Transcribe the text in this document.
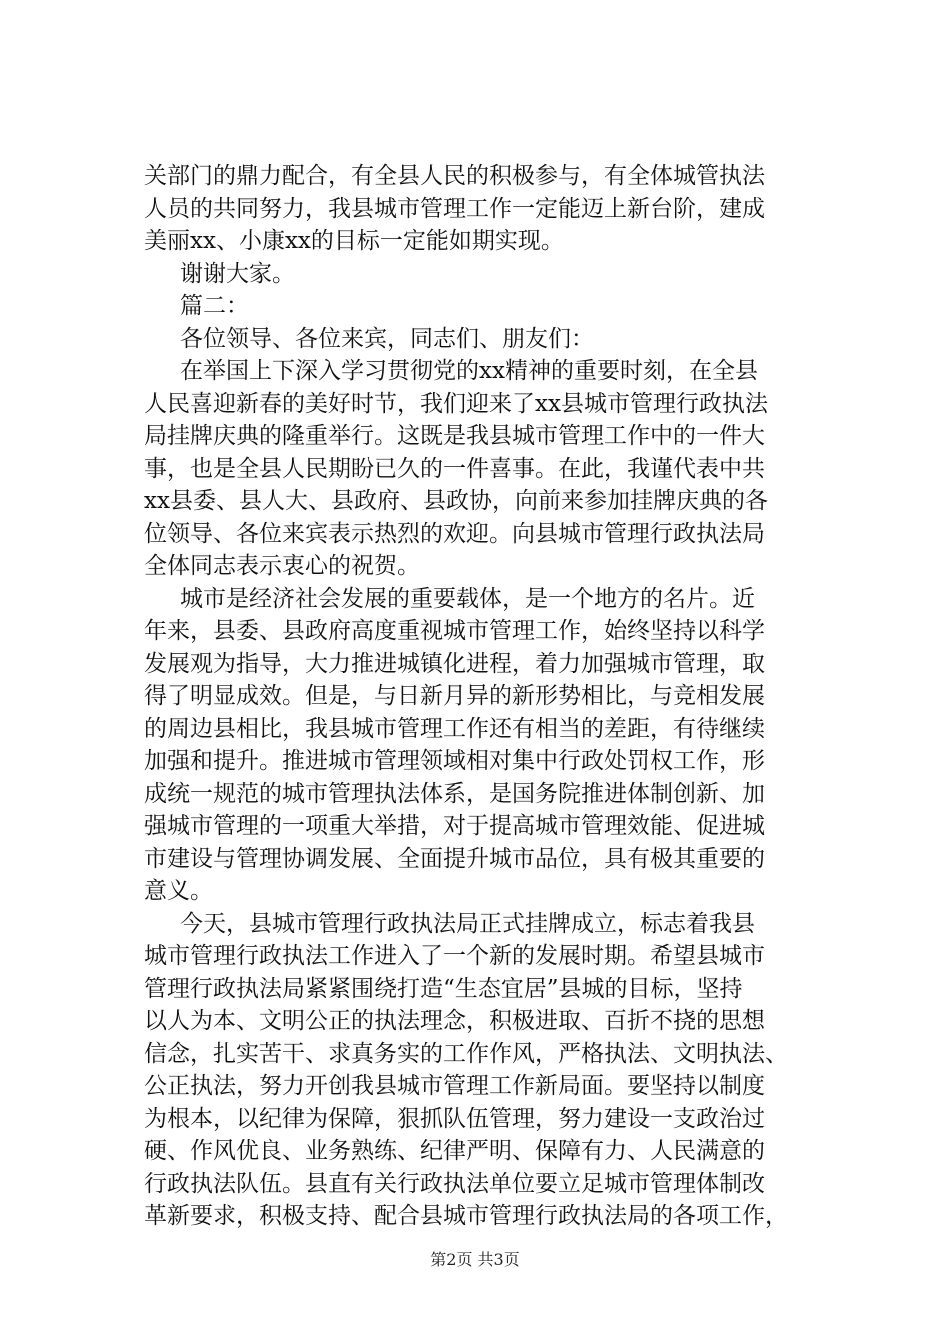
关部门的鼎力配合，有全县人民的积极参与，有全体城管执法
人员的共同努力，我县城市管理工作一定能迈上新台阶，建成
美丽xx、小康xx的目标一定能如期实现。
谢谢大家。
篇二：
各位领导、各位来宾，同志们、朋友们：
在举国上下深入学习贯彻党的xx精神的重要时刻，在全县
人民喜迎新春的美好时节，我们迎来了xx县城市管理行政执法
局挂牌庆典的隆重举行。这既是我县城市管理工作中的一件大
事，也是全县人民期盼已久的一件喜事。在此，我谨代表中共
xx县委、县人大、县政府、县政协，向前来参加挂牌庆典的各
位领导、各位来宾表示热烈的欢迎。向县城市管理行政执法局
全体同志表示衷心的祝贺。
城市是经济社会发展的重要载体，是一个地方的名片。近
年来，县委、县政府高度重视城市管理工作，始终坚持以科学
发展观为指导，大力推进城镇化进程，着力加强城市管理，取
得了明显成效。但是，与日新月异的新形势相比，与竞相发展
的周边县相比，我县城市管理工作还有相当的差距，有待继续
加强和提升。推进城市管理领域相对集中行政处罚权工作，形
成统一规范的城市管理执法体系，是国务院推进体制创新、加
强城市管理的一项重大举措，对于提高城市管理效能、促进城
市建设与管理协调发展、全面提升城市品位，具有极其重要的
意义。
今天，县城市管理行政执法局正式挂牌成立，标志着我县
城市管理行政执法工作进入了一个新的发展时期。希望县城市
管理行政执法局紧紧围绕打造“生态宜居”县城的目标，坚持
以人为本、文明公正的执法理念，积极进取、百折不挠的思想
信念，扎实苦干、求真务实的工作作风，严格执法、文明执法、
公正执法，努力开创我县城市管理工作新局面。要坚持以制度
为根本，以纪律为保障，狠抓队伍管理，努力建设一支政治过
硬、作风优良、业务熟练、纪律严明、保障有力、人民满意的
行政执法队伍。县直有关行政执法单位要立足城市管理体制改
革新要求，积极支持、配合县城市管理行政执法局的各项工作，
第2页 共3页
